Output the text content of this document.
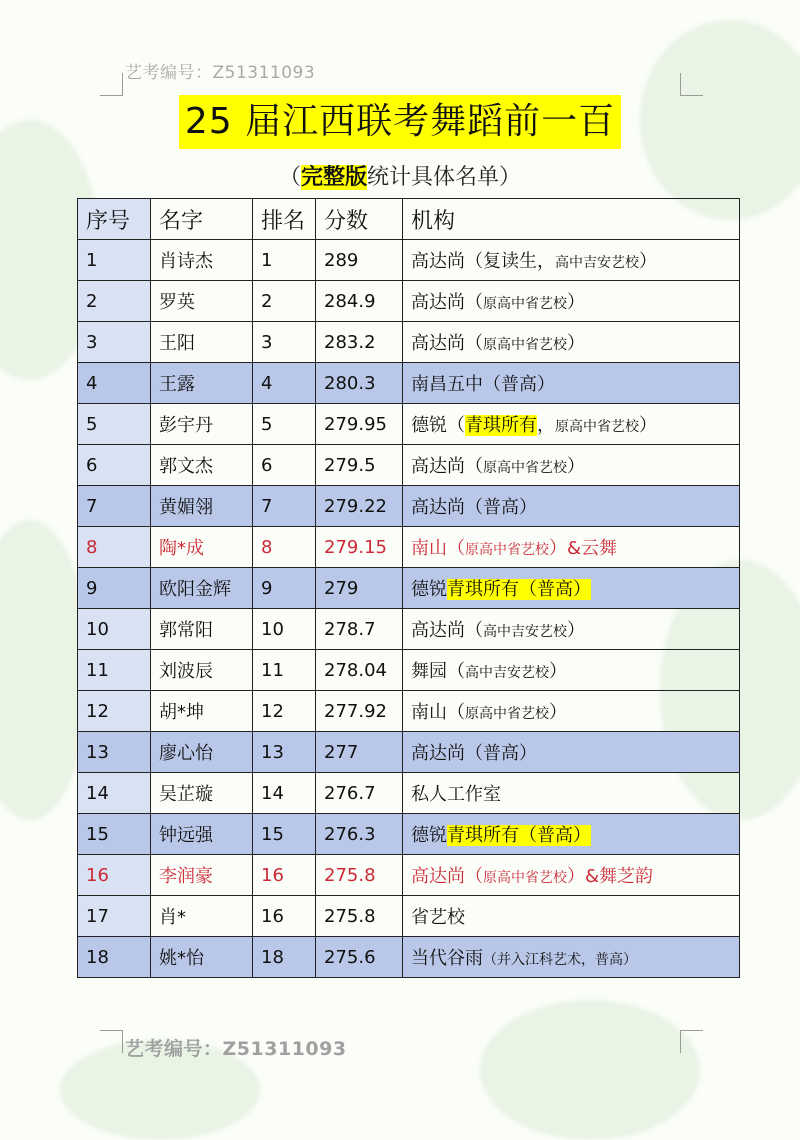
艺考编号：Z51311093
25 届江西联考舞蹈前一百
（完整版统计具体名单）
序号	名字	排名	分数	机构
1	肖诗杰	1	289	高达尚（复读生，高中吉安艺校）
2	罗英	2	284.9	高达尚（原高中省艺校）
3	王阳	3	283.2	高达尚（原高中省艺校）
4	王露	4	280.3	南昌五中（普高）
5	彭宇丹	5	279.95	德锐（青琪所有，原高中省艺校）
6	郭文杰	6	279.5	高达尚（原高中省艺校）
7	黄媚翎	7	279.22	高达尚（普高）
8	陶*成	8	279.15	南山（原高中省艺校）&云舞
9	欧阳金辉	9	279	德锐青琪所有（普高）
10	郭常阳	10	278.7	高达尚（高中吉安艺校）
11	刘波辰	11	278.04	舞园（高中吉安艺校）
12	胡*坤	12	277.92	南山（原高中省艺校）
13	廖心怡	13	277	高达尚（普高）
14	吴芷璇	14	276.7	私人工作室
15	钟远强	15	276.3	德锐青琪所有（普高）
16	李润豪	16	275.8	高达尚（原高中省艺校）&舞芝韵
17	肖*	16	275.8	省艺校
18	姚*怡	18	275.6	当代谷雨（并入江科艺术，普高）
艺考编号：Z51311093
